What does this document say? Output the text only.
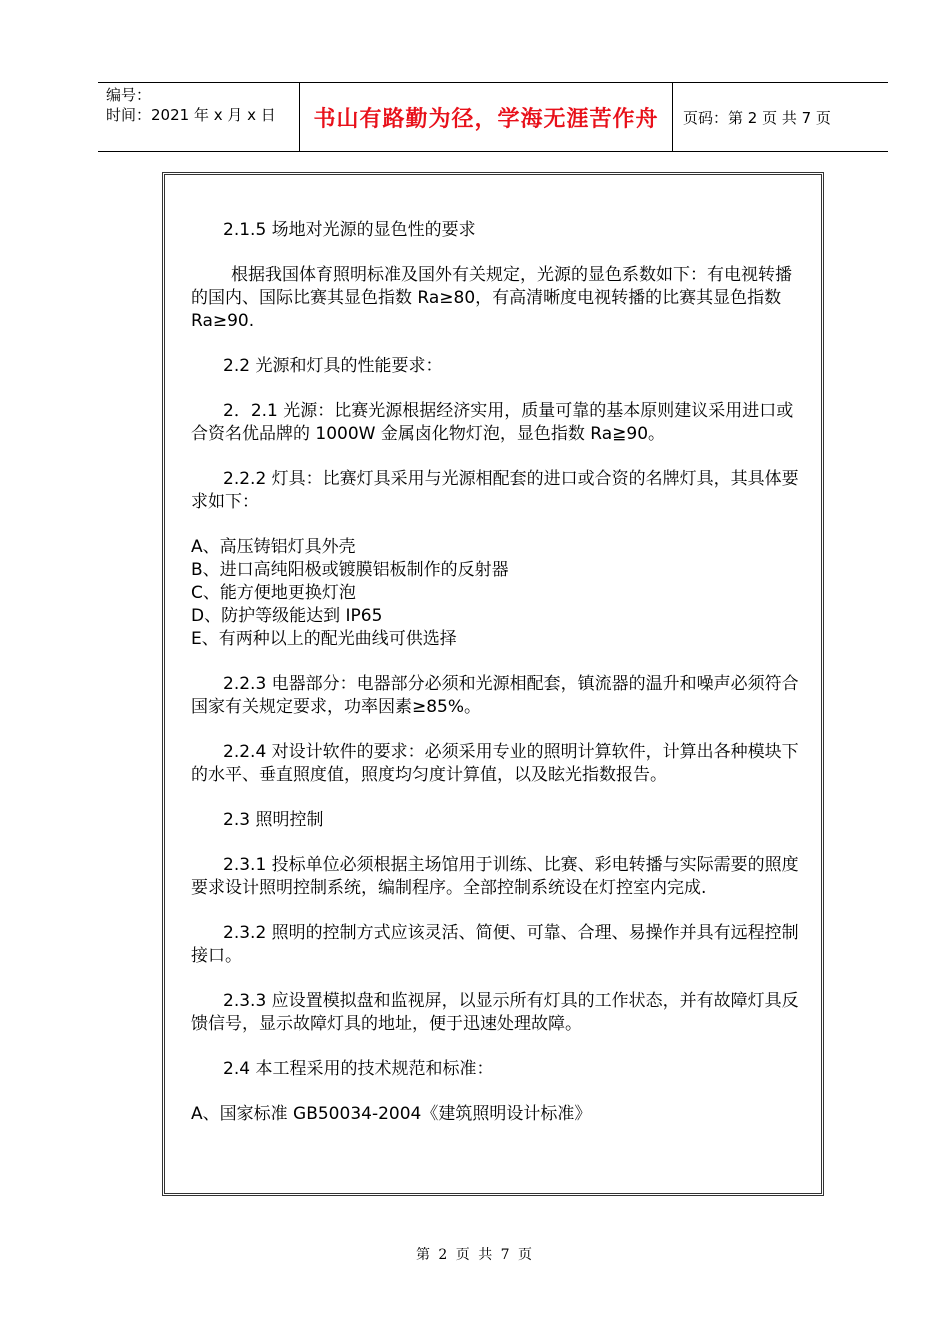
编号：
时间：2021 年 x 月 x 日	书山有路勤为径，学海无涯苦作舟	页码：第 2 页 共 7 页

2.1.5 场地对光源的显色性的要求

根据我国体育照明标准及国外有关规定，光源的显色系数如下：有电视转播的国内、国际比赛其显色指数 Ra≥80，有高清晰度电视转播的比赛其显色指数 Ra≥90.

2.2 光源和灯具的性能要求：

2．2.1 光源：比赛光源根据经济实用，质量可靠的基本原则建议采用进口或合资名优品牌的 1000W 金属卤化物灯泡，显色指数 Ra≧90。

2.2.2 灯具：比赛灯具采用与光源相配套的进口或合资的名牌灯具，其具体要求如下：

A、高压铸铝灯具外壳
B、进口高纯阳极或镀膜铝板制作的反射器
C、能方便地更换灯泡
D、防护等级能达到 IP65
E、有两种以上的配光曲线可供选择

2.2.3 电器部分：电器部分必须和光源相配套，镇流器的温升和噪声必须符合国家有关规定要求，功率因素≥85%。

2.2.4 对设计软件的要求：必须采用专业的照明计算软件，计算出各种模块下的水平、垂直照度值，照度均匀度计算值，以及眩光指数报告。

2.3 照明控制

2.3.1 投标单位必须根据主场馆用于训练、比赛、彩电转播与实际需要的照度要求设计照明控制系统，编制程序。全部控制系统设在灯控室内完成.

2.3.2 照明的控制方式应该灵活、简便、可靠、合理、易操作并具有远程控制接口。

2.3.3 应设置模拟盘和监视屏，以显示所有灯具的工作状态，并有故障灯具反馈信号，显示故障灯具的地址，便于迅速处理故障。

2.4 本工程采用的技术规范和标准：

A、国家标准 GB50034-2004《建筑照明设计标准》

第 2 页 共 7 页
